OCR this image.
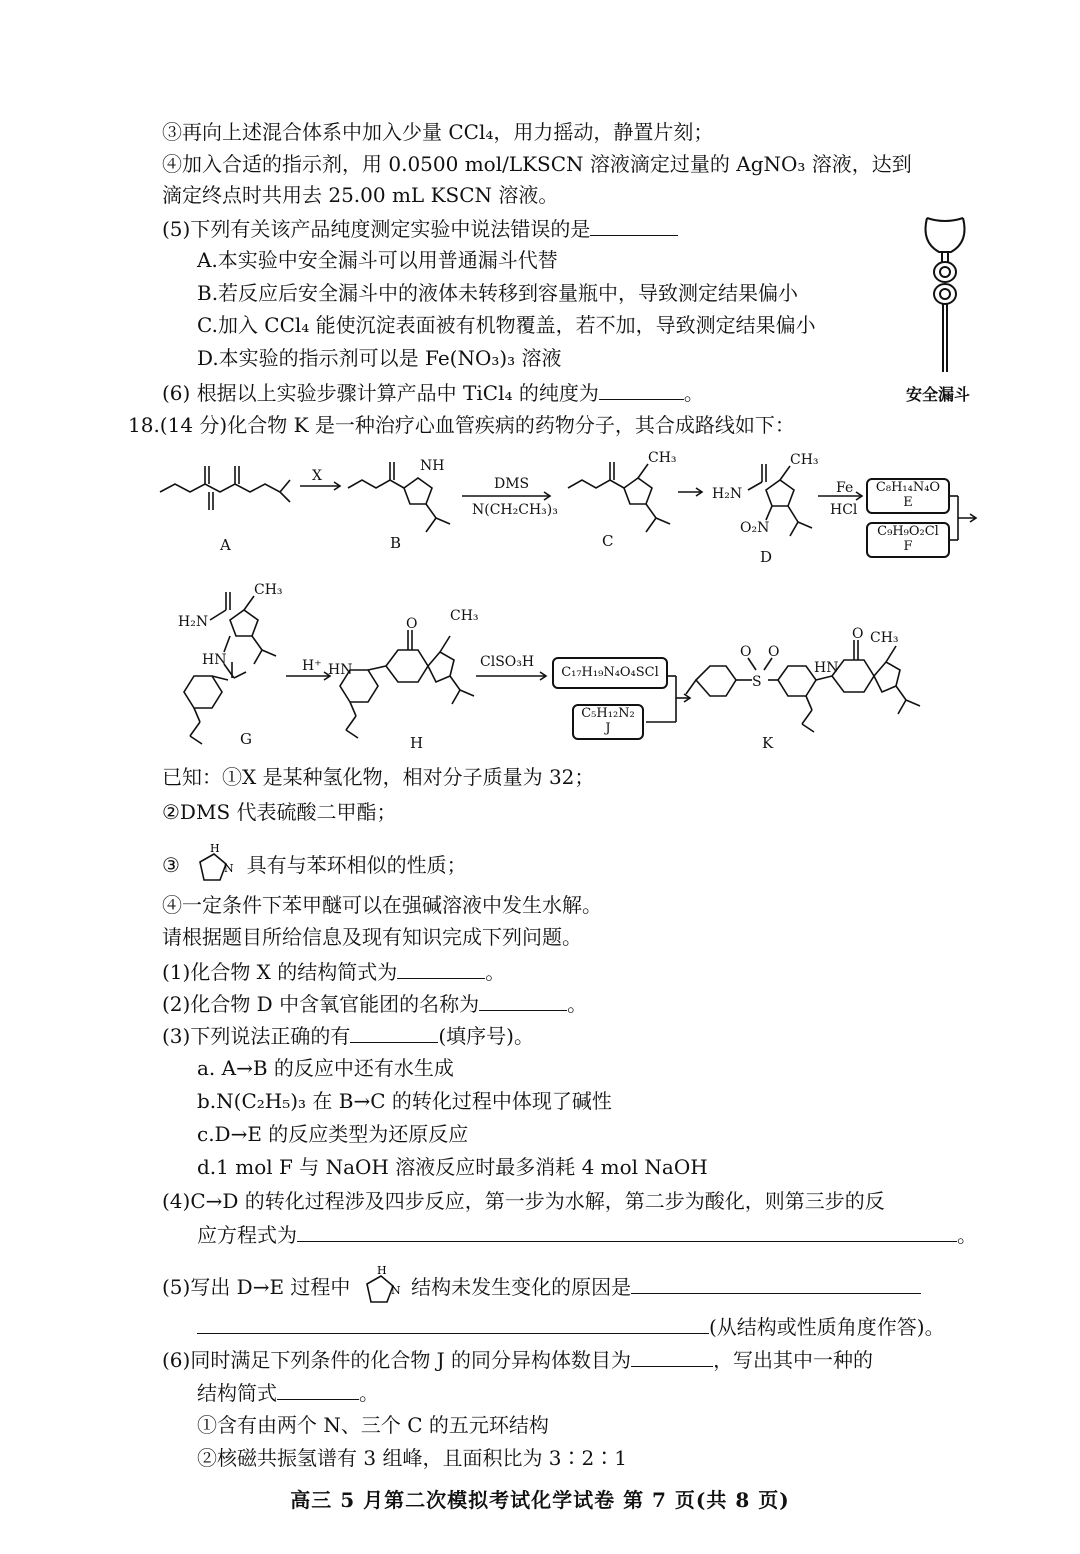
③再向上述混合体系中加入少量 CCl₄，用力摇动，静置片刻；
④加入合适的指示剂，用 0.0500 mol/LKSCN 溶液滴定过量的 AgNO₃ 溶液，达到
滴定终点时共用去 25.00 mL KSCN 溶液。
(5)下列有关该产品纯度测定实验中说法错误的是
A.本实验中安全漏斗可以用普通漏斗代替
B.若反应后安全漏斗中的液体未转移到容量瓶中，导致测定结果偏小
C.加入 CCl₄ 能使沉淀表面被有机物覆盖，若不加，导致测定结果偏小
D.本实验的指示剂可以是 Fe(NO₃)₃ 溶液
(6) 根据以上实验步骤计算产品中 TiCl₄ 的纯度为	。	安全漏斗
18.(14 分)化合物 K 是一种治疗心血管疾病的药物分子，其合成路线如下：
NH	CH₃
H₂N
CH₃
O₂N
H₂N
CH₃
HN
HN
O CH₃
S
O O
HN
O CH₃
X	DMS
N(CH₂CH₃)₃
Fe
HCl
H⁺	ClSO₃H
A	B	C
D
G	H	K
C₈H₁₄N₄O
E
C₉H₉O₂Cl
F
C₁₇H₁₉N₄O₄SCl
C₅H₁₂N₂
J
已知：①X 是某种氢化物，相对分子质量为 32；
②DMS 代表硫酸二甲酯；
③
H
N 具有与苯环相似的性质；
④一定条件下苯甲醚可以在强碱溶液中发生水解。
请根据题目所给信息及现有知识完成下列问题。
(1)化合物 X 的结构简式为	。
(2)化合物 D 中含氧官能团的名称为	。
(3)下列说法正确的有	(填序号)。
a. A→B 的反应中还有水生成
b.N(C₂H₅)₃ 在 B→C 的转化过程中体现了碱性
c.D→E 的反应类型为还原反应
d.1 mol F 与 NaOH 溶液反应时最多消耗 4 mol NaOH
(4)C→D 的转化过程涉及四步反应，第一步为水解，第二步为酸化，则第三步的反
应方程式为	。
(5)写出 D→E 过程中
H
N 结构未发生变化的原因是
(从结构或性质角度作答)。
(6)同时满足下列条件的化合物 J 的同分异构体数目为	，写出其中一种的
结构简式	。
①含有由两个 N、三个 C 的五元环结构
②核磁共振氢谱有 3 组峰，且面积比为 3∶2∶1
高三 5 月第二次模拟考试化学试卷 第 7 页(共 8 页)
